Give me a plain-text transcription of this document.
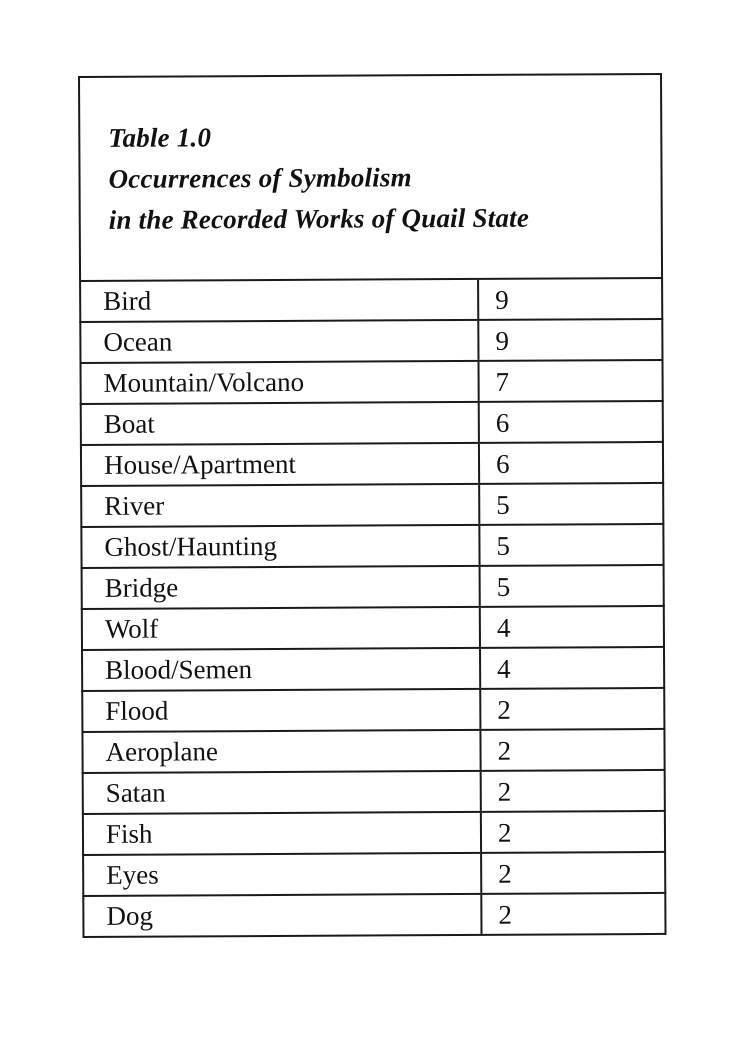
Table 1.0
Occurrences of Symbolism
in the Recorded Works of Quail State
Bird	9
Ocean	9
Mountain/Volcano	7
Boat	6
House/Apartment	6
River	5
Ghost/Haunting	5
Bridge	5
Wolf	4
Blood/Semen	4
Flood	2
Aeroplane	2
Satan	2
Fish	2
Eyes	2
Dog	2
